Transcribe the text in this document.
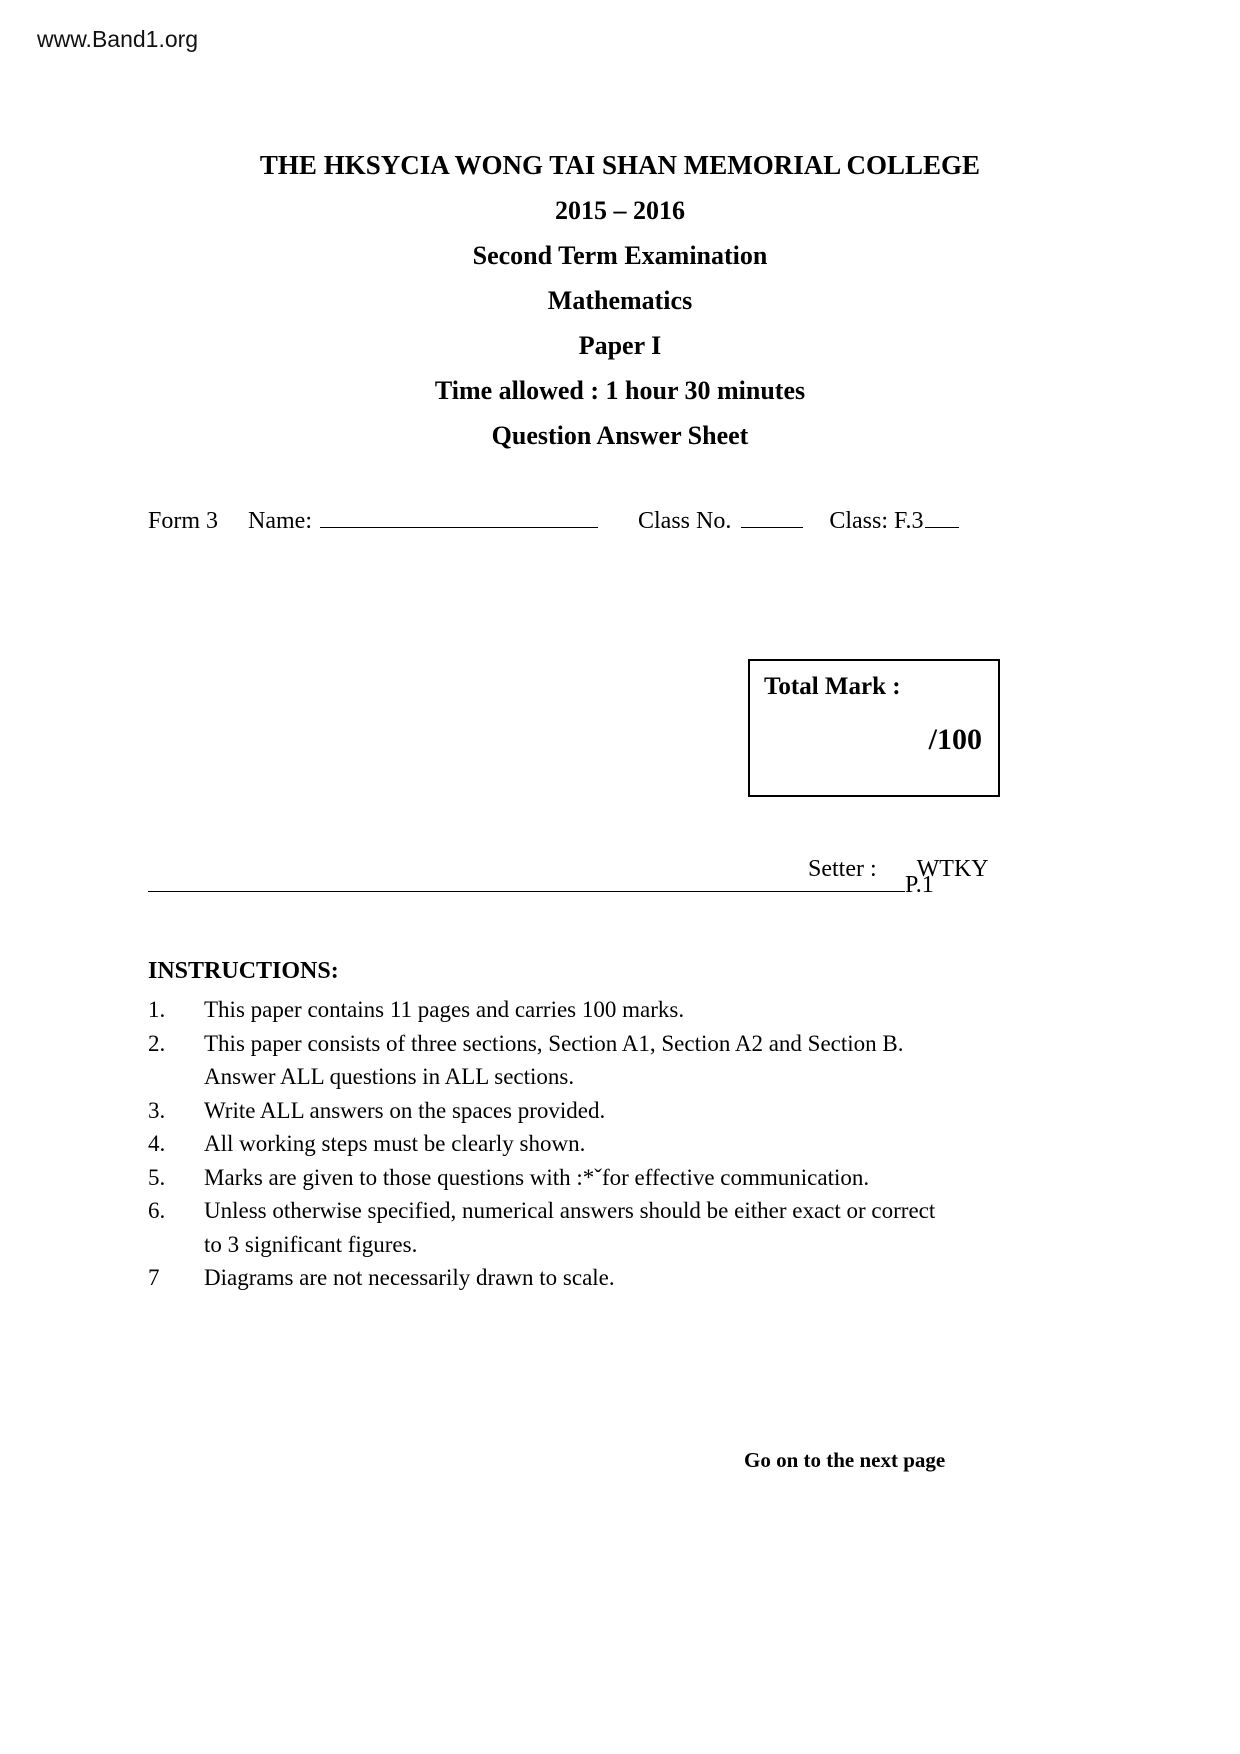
www.Band1.org
THE HKSYCIA WONG TAI SHAN MEMORIAL COLLEGE
2015 – 2016
Second Term Examination
Mathematics
Paper I
Time allowed : 1 hour 30 minutes
Question Answer Sheet
Form 3 Name:	Class No.	Class: F.3
Total Mark :
/100
Setter : WTKY
P.1
INSTRUCTIONS:
1.	This paper contains 11 pages and carries 100 marks.
2.	This paper consists of three sections, Section A1, Section A2 and Section B.
Answer ALL questions in ALL sections.
3.	Write ALL answers on the spaces provided.
4.	All working steps must be clearly shown.
5.	Marks are given to those questions with :*ˇfor effective communication.
6.	Unless otherwise specified, numerical answers should be either exact or correct
to 3 significant figures.
7	Diagrams are not necessarily drawn to scale.
Go on to the next page
